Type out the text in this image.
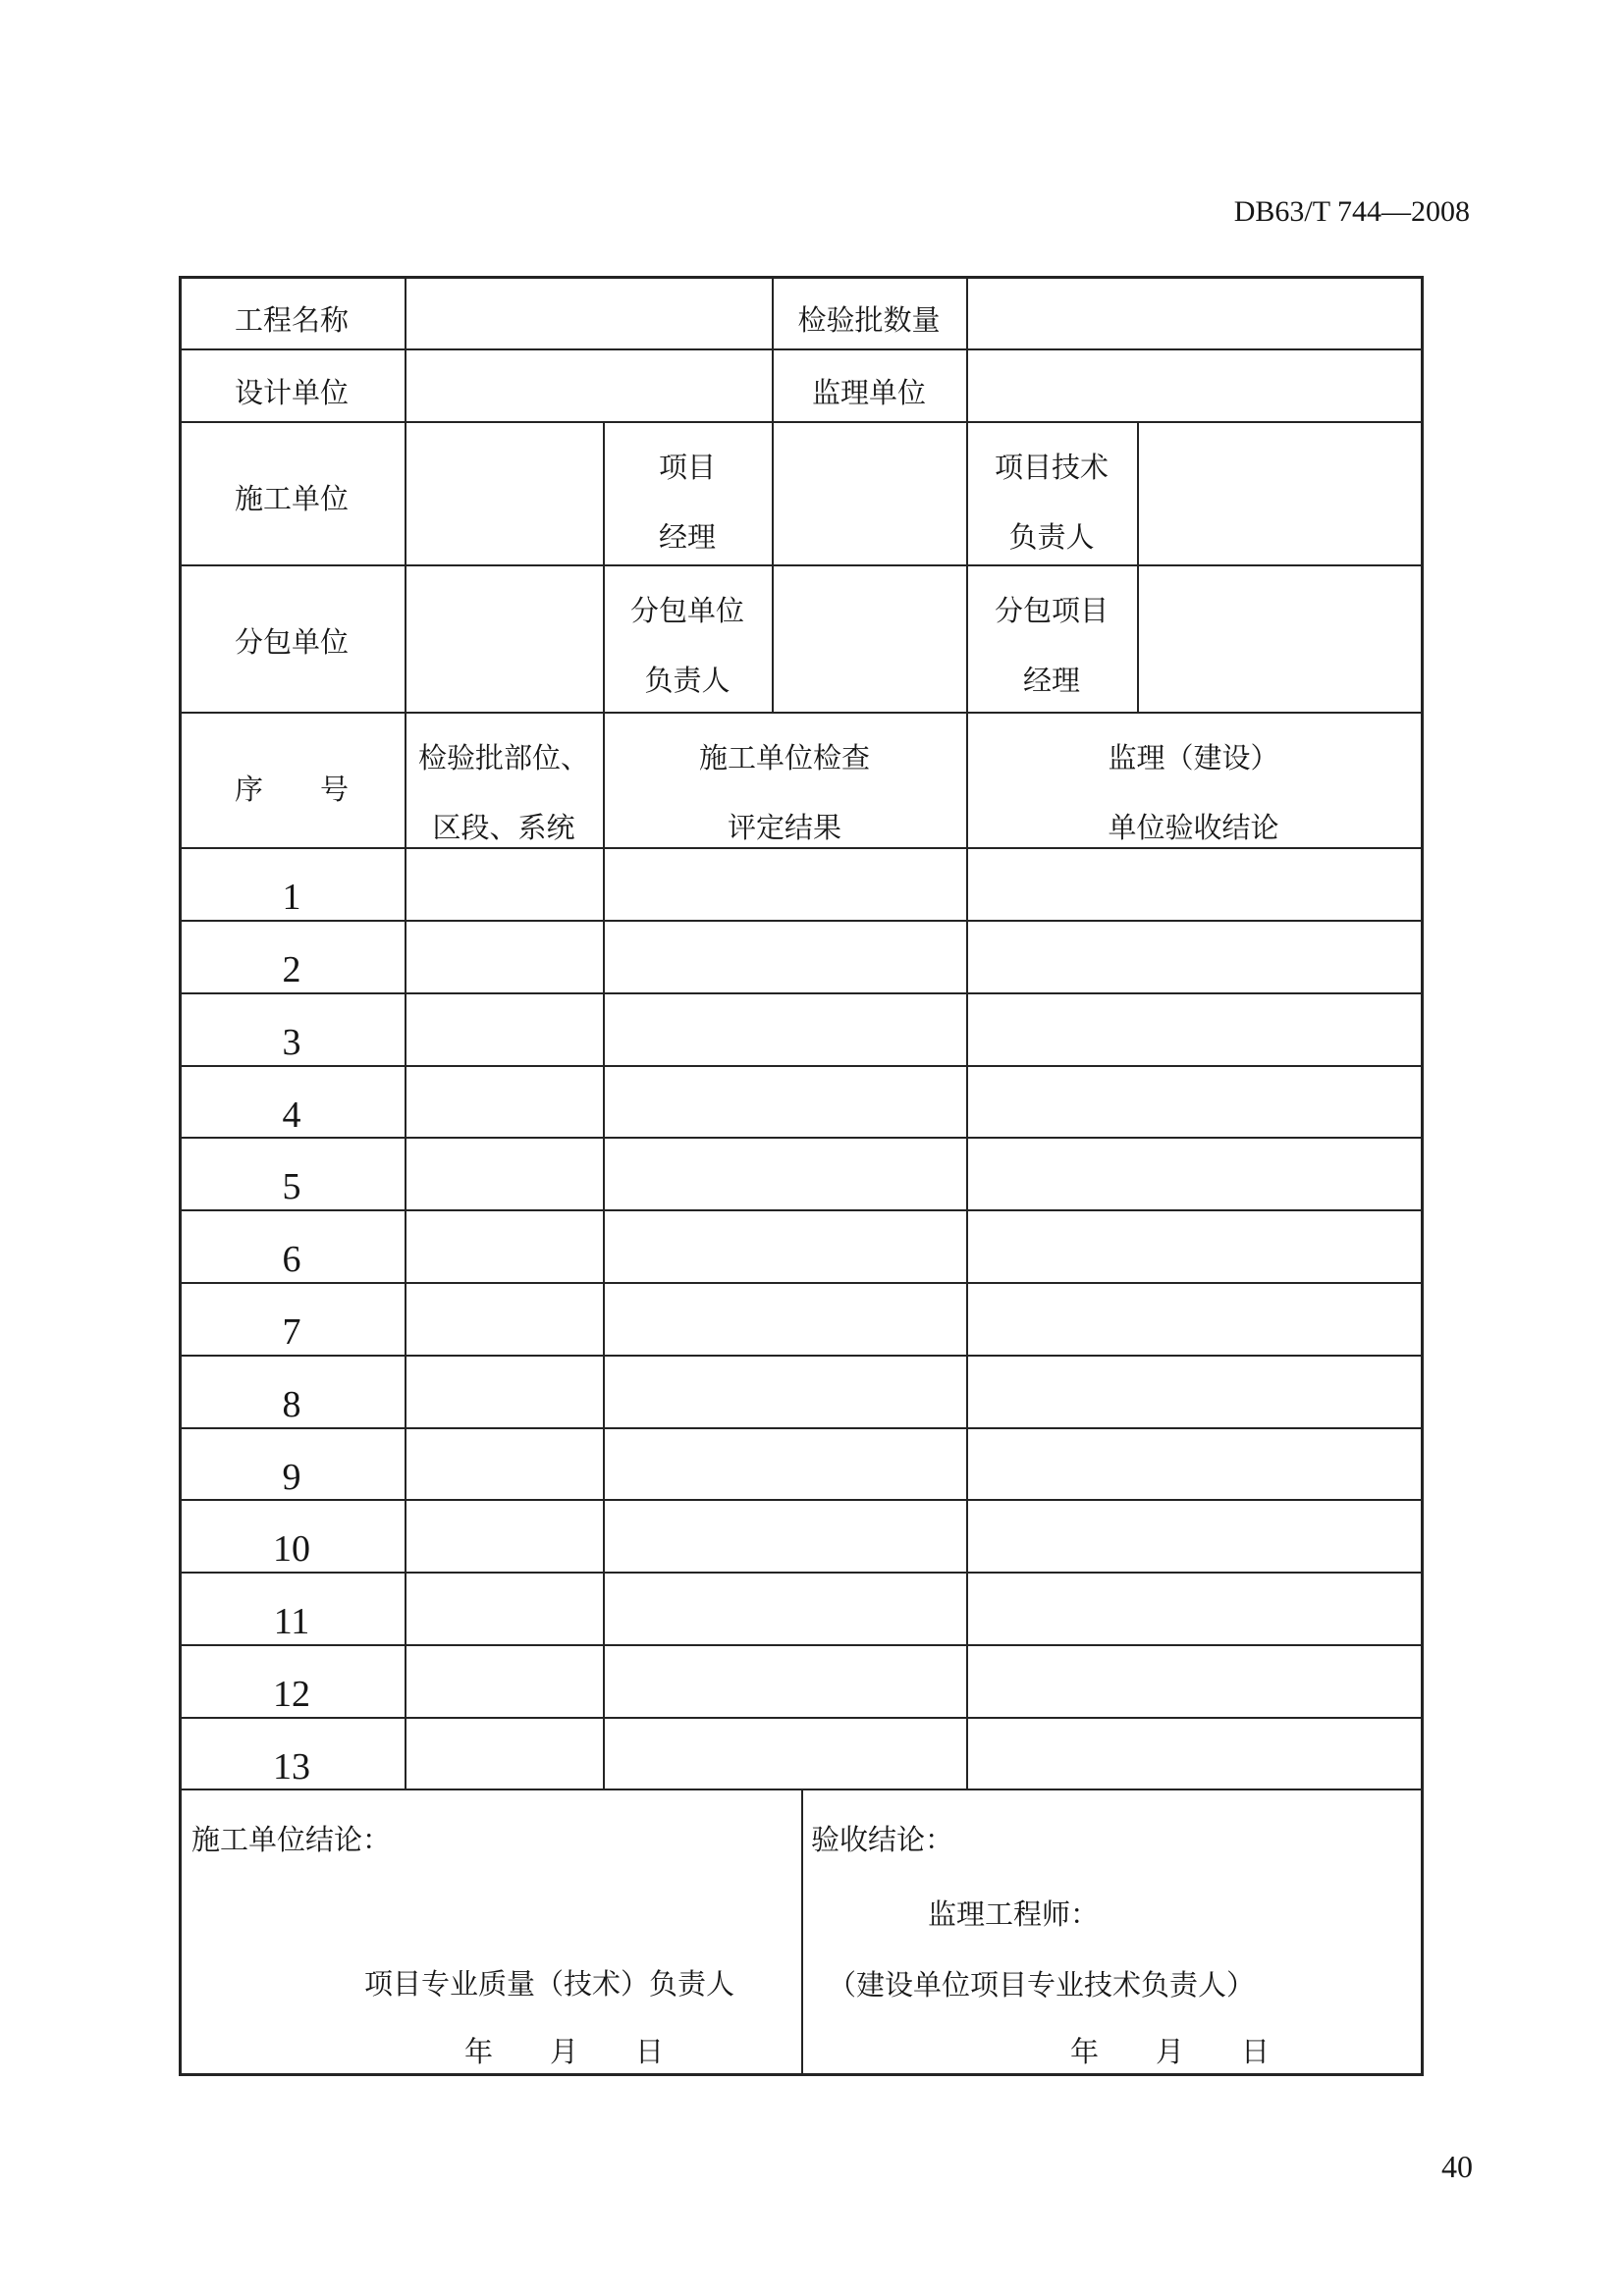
DB63/T 744—2008
工程名称	检验批数量
设计单位	监理单位
施工单位
项目
经理
项目技术
负责人
分包单位
分包单位
负责人
分包项目
经理
序　　号
检验批部位、
区段、系统
施工单位检查
评定结果
监理（建设）
单位验收结论
1
2
3
4
5
6
7
8
9
10
11
12
13
施工单位结论：
项目专业质量（技术）负责人
年　　月　　日
验收结论：
监理工程师：
（建设单位项目专业技术负责人）
年　　月　　日
40
